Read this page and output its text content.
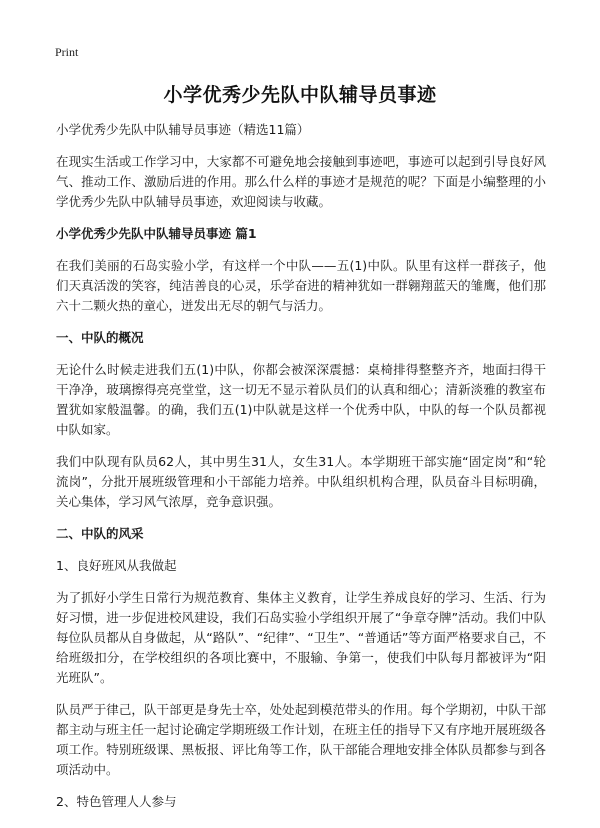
Print
小学优秀少先队中队辅导员事迹
小学优秀少先队中队辅导员事迹（精选11篇）
在现实生活或工作学习中，大家都不可避免地会接触到事迹吧，事迹可以起到引导良好风气、推动工作、激励后进的作用。那么什么样的事迹才是规范的呢？下面是小编整理的小学优秀少先队中队辅导员事迹，欢迎阅读与收藏。
小学优秀少先队中队辅导员事迹 篇1
在我们美丽的石岛实验小学，有这样一个中队——五(1)中队。队里有这样一群孩子，他们天真活泼的笑容，纯洁善良的心灵，乐学奋进的精神犹如一群翱翔蓝天的雏鹰，他们那六十二颗火热的童心，迸发出无尽的朝气与活力。
一、中队的概况
无论什么时候走进我们五(1)中队，你都会被深深震撼：桌椅排得整整齐齐，地面扫得干干净净，玻璃擦得亮亮堂堂，这一切无不显示着队员们的认真和细心；清新淡雅的教室布置犹如家般温馨。的确，我们五(1)中队就是这样一个优秀中队，中队的每一个队员都视中队如家。
我们中队现有队员62人，其中男生31人，女生31人。本学期班干部实施“固定岗”和“轮流岗”，分批开展班级管理和小干部能力培养。中队组织机构合理，队员奋斗目标明确，关心集体，学习风气浓厚，竞争意识强。
二、中队的风采
1、良好班风从我做起
为了抓好小学生日常行为规范教育、集体主义教育，让学生养成良好的学习、生活、行为好习惯，进一步促进校风建设，我们石岛实验小学组织开展了“争章夺牌”活动。我们中队每位队员都从自身做起，从“路队”、“纪律”、“卫生”、“普通话”等方面严格要求自己，不给班级扣分，在学校组织的各项比赛中，不服输、争第一，使我们中队每月都被评为“阳光班队”。
队员严于律己，队干部更是身先士卒，处处起到模范带头的作用。每个学期初，中队干部都主动与班主任一起讨论确定学期班级工作计划，在班主任的指导下又有序地开展班级各项工作。特别班级课、黑板报、评比角等工作，队干部能合理地安排全体队员都参与到各项活动中。
2、特色管理人人参与
